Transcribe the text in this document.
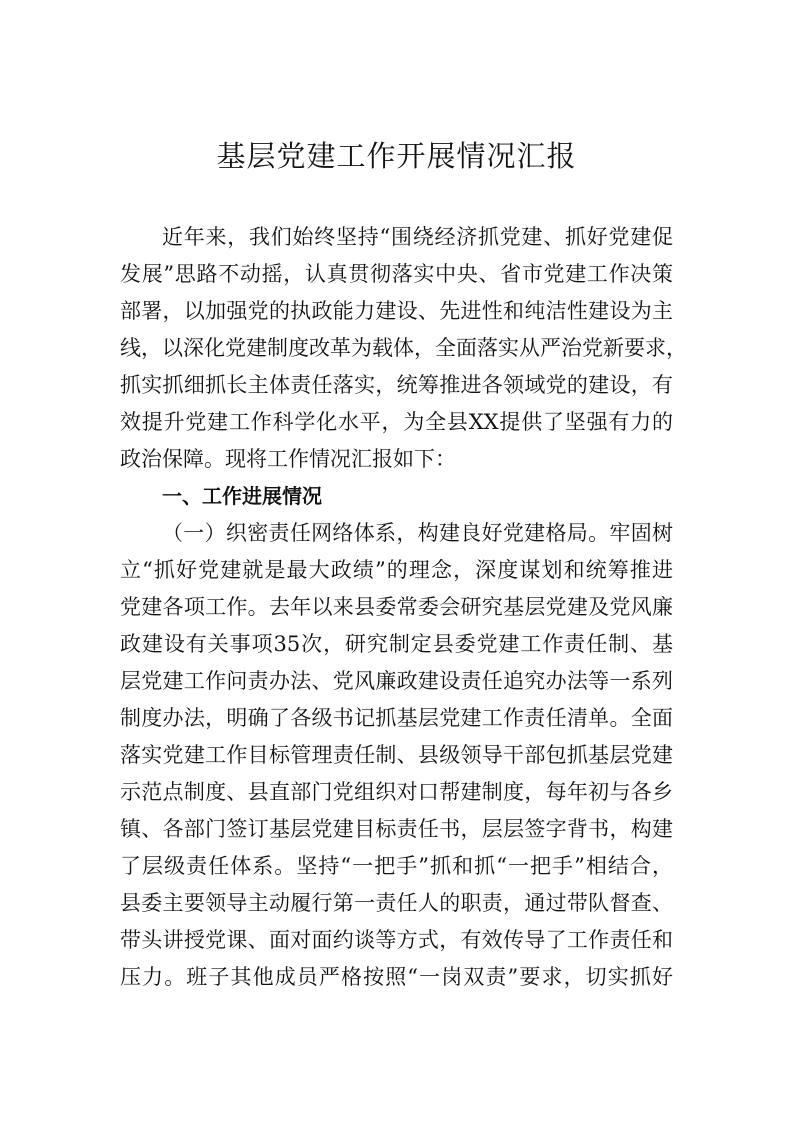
基层党建工作开展情况汇报
近年来，我们始终坚持“围绕经济抓党建、抓好党建促
发展”思路不动摇，认真贯彻落实中央、省市党建工作决策
部署，以加强党的执政能力建设、先进性和纯洁性建设为主
线，以深化党建制度改革为载体，全面落实从严治党新要求，
抓实抓细抓长主体责任落实，统筹推进各领域党的建设，有
效提升党建工作科学化水平，为全县XX提供了坚强有力的
政治保障。现将工作情况汇报如下：
一、工作进展情况
（一）织密责任网络体系，构建良好党建格局。牢固树
立“抓好党建就是最大政绩”的理念，深度谋划和统筹推进
党建各项工作。去年以来县委常委会研究基层党建及党风廉
政建设有关事项35次，研究制定县委党建工作责任制、基
层党建工作问责办法、党风廉政建设责任追究办法等一系列
制度办法，明确了各级书记抓基层党建工作责任清单。全面
落实党建工作目标管理责任制、县级领导干部包抓基层党建
示范点制度、县直部门党组织对口帮建制度，每年初与各乡
镇、各部门签订基层党建目标责任书，层层签字背书，构建
了层级责任体系。坚持“一把手”抓和抓“一把手”相结合，
县委主要领导主动履行第一责任人的职责，通过带队督查、
带头讲授党课、面对面约谈等方式，有效传导了工作责任和
压力。班子其他成员严格按照“一岗双责”要求，切实抓好
